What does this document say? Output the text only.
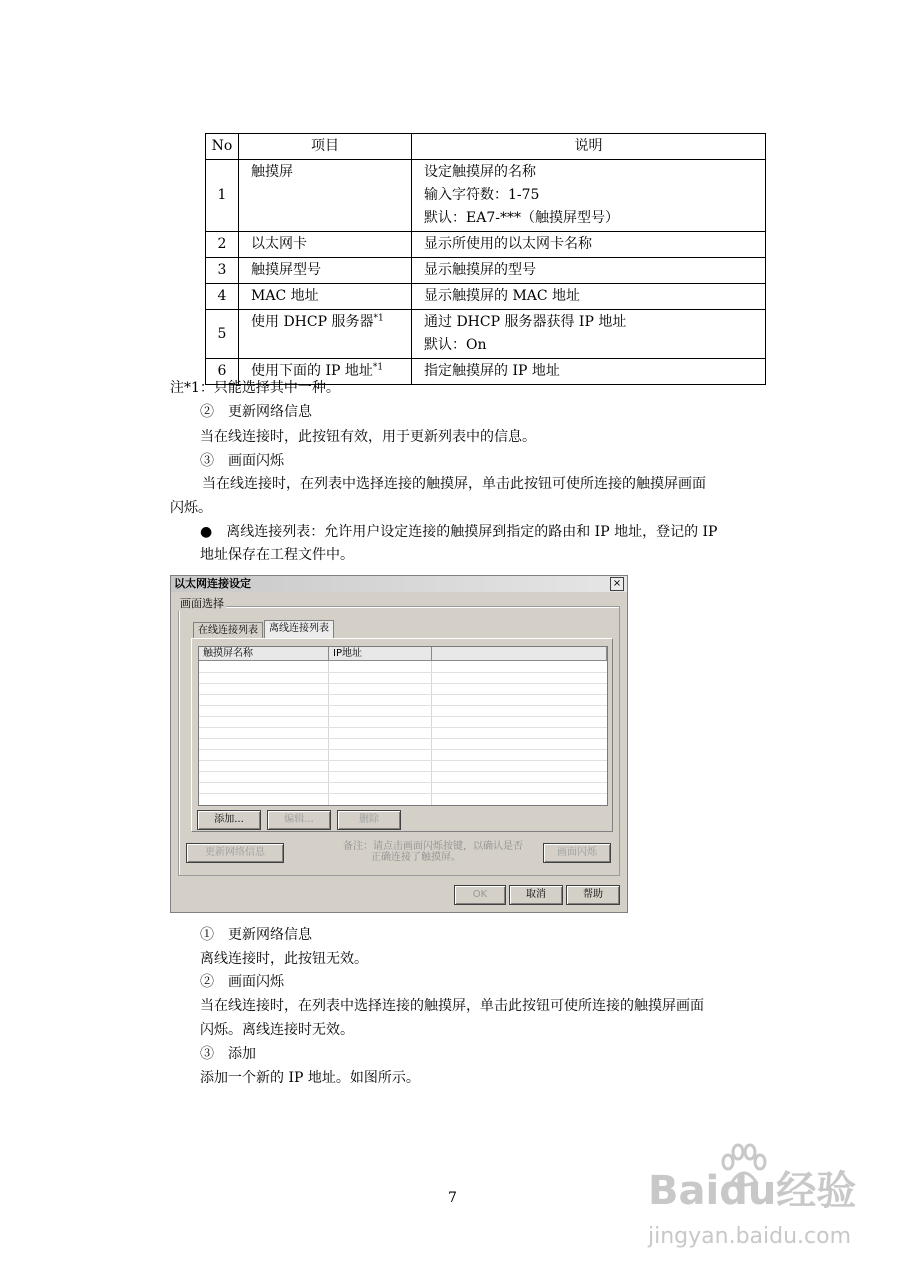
No	项目	说明
1	触摸屏	设定触摸屏的名称
输入字符数：1-75
默认：EA7-***（触摸屏型号）

2	以太网卡	显示所使用的以太网卡名称
3	触摸屏型号	显示触摸屏的型号
4	MAC 地址	显示触摸屏的 MAC 地址
5	使用 DHCP 服务器$^{*1}$	通过 DHCP 服务器获得 IP 地址
默认：On

6	使用下面的 IP 地址$^{*1}$	指定触摸屏的 IP 地址
注*1：只能选择其中一种。
②　更新网络信息
当在线连接时，此按钮有效，用于更新列表中的信息。
③　画面闪烁
当在线连接时，在列表中选择连接的触摸屏，单击此按钮可使所连接的触摸屏画面
闪烁。
●　离线连接列表：允许用户设定连接的触摸屏到指定的路由和 IP 地址，登记的 IP
地址保存在工程文件中。
以太网连接设定	×
画面选择
在线连接列表	离线连接列表
触摸屏名称	IP地址
添加...	编辑...	删除
更新网络信息
备注：请点击画面闪烁按键，以确认是否
正确连接了触摸屏。	画面闪烁
OK	取消	帮助
①　更新网络信息
离线连接时，此按钮无效。
②　画面闪烁
当在线连接时，在列表中选择连接的触摸屏，单击此按钮可使所连接的触摸屏画面
闪烁。离线连接时无效。
③　添加
添加一个新的 IP 地址。如图所示。
7	Baidu经验
jingyan.baidu.com
